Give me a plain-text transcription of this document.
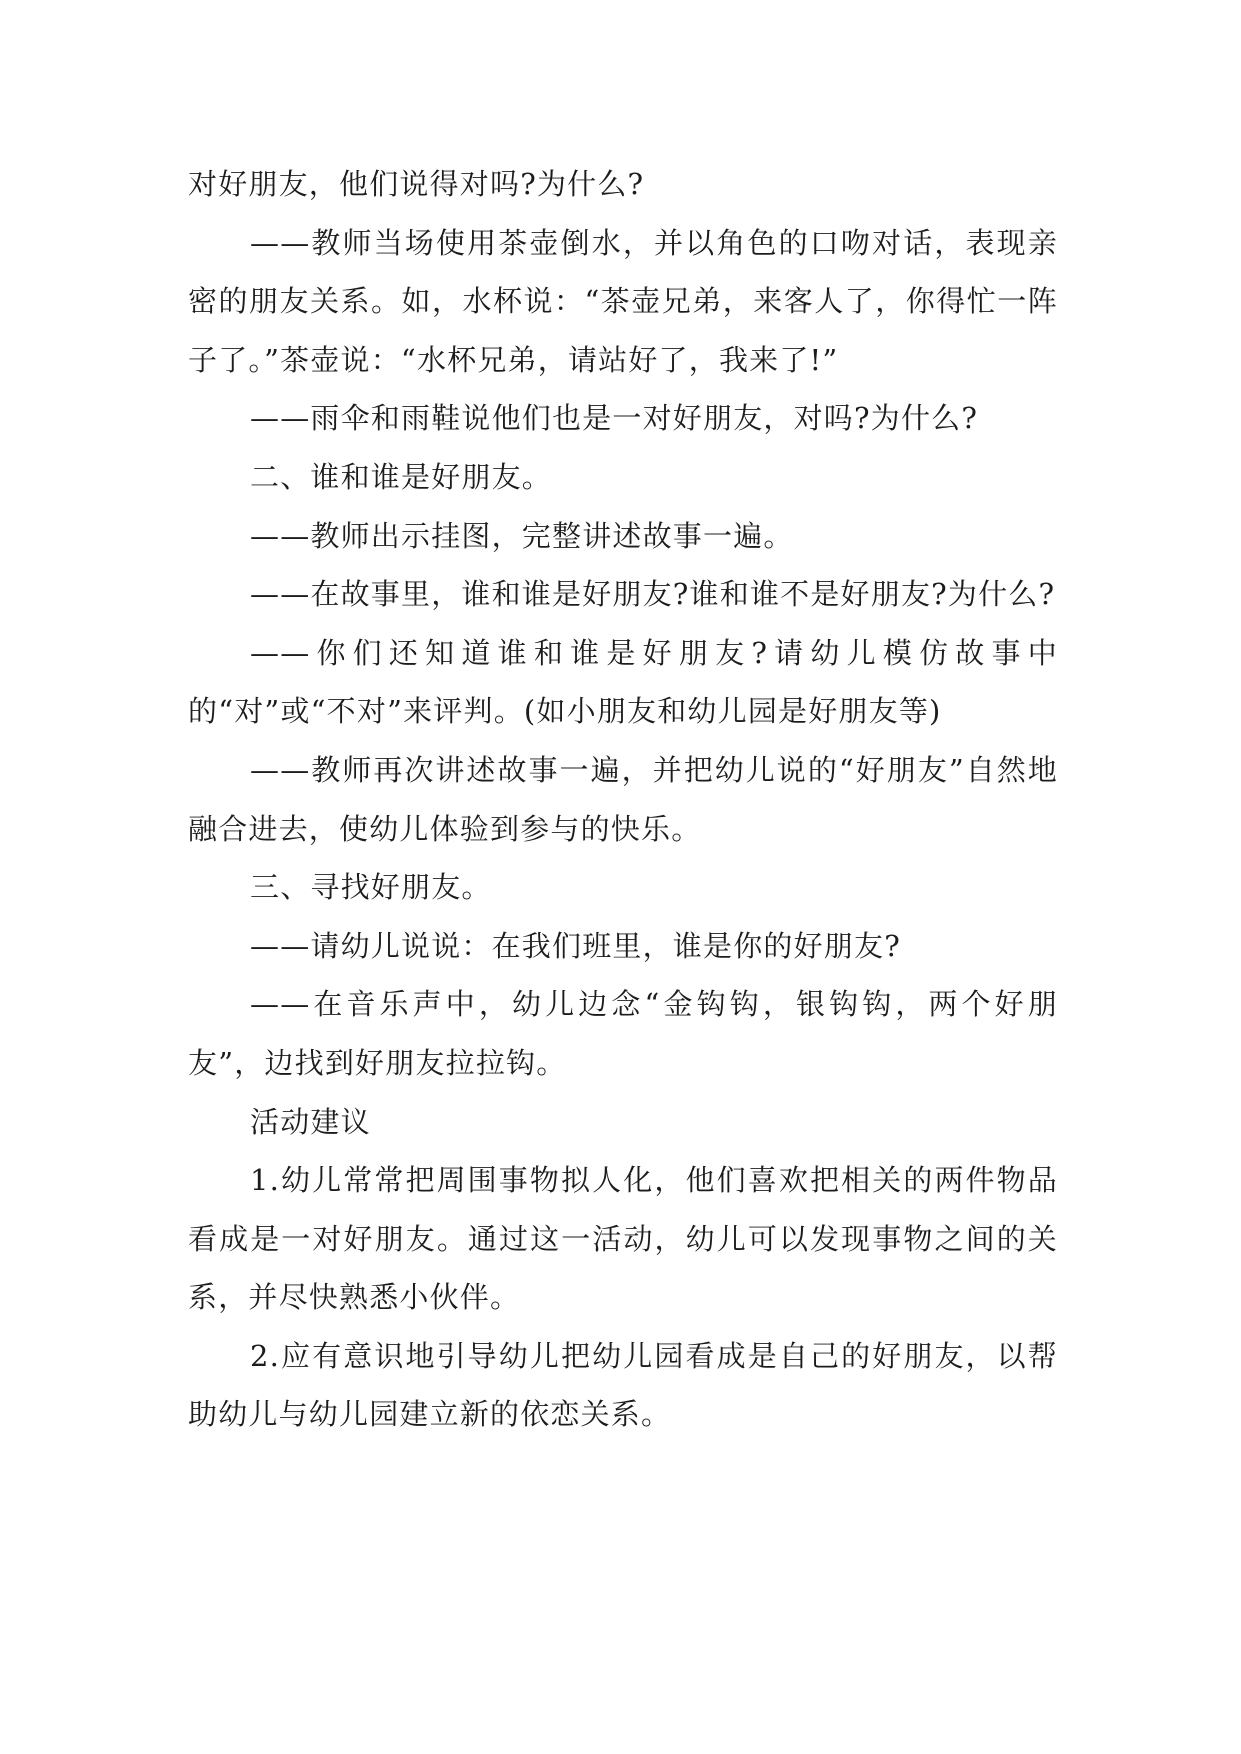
对好朋友，他们说得对吗?为什么?

——教师当场使用茶壶倒水，并以角色的口吻对话，表现亲密的朋友关系。如，水杯说：“茶壶兄弟，来客人了，你得忙一阵子了。”茶壶说：“水杯兄弟，请站好了，我来了!”

——雨伞和雨鞋说他们也是一对好朋友，对吗?为什么?

二、谁和谁是好朋友。

——教师出示挂图，完整讲述故事一遍。

——在故事里，谁和谁是好朋友?谁和谁不是好朋友?为什么?

——你们还知道谁和谁是好朋友?请幼儿模仿故事中的“对”或“不对”来评判。(如小朋友和幼儿园是好朋友等)

——教师再次讲述故事一遍，并把幼儿说的“好朋友”自然地融合进去，使幼儿体验到参与的快乐。

三、寻找好朋友。

——请幼儿说说：在我们班里，谁是你的好朋友?

——在音乐声中，幼儿边念“金钩钩，银钩钩，两个好朋友”，边找到好朋友拉拉钩。

活动建议

1.幼儿常常把周围事物拟人化，他们喜欢把相关的两件物品看成是一对好朋友。通过这一活动，幼儿可以发现事物之间的关系，并尽快熟悉小伙伴。

2.应有意识地引导幼儿把幼儿园看成是自己的好朋友，以帮助幼儿与幼儿园建立新的依恋关系。
